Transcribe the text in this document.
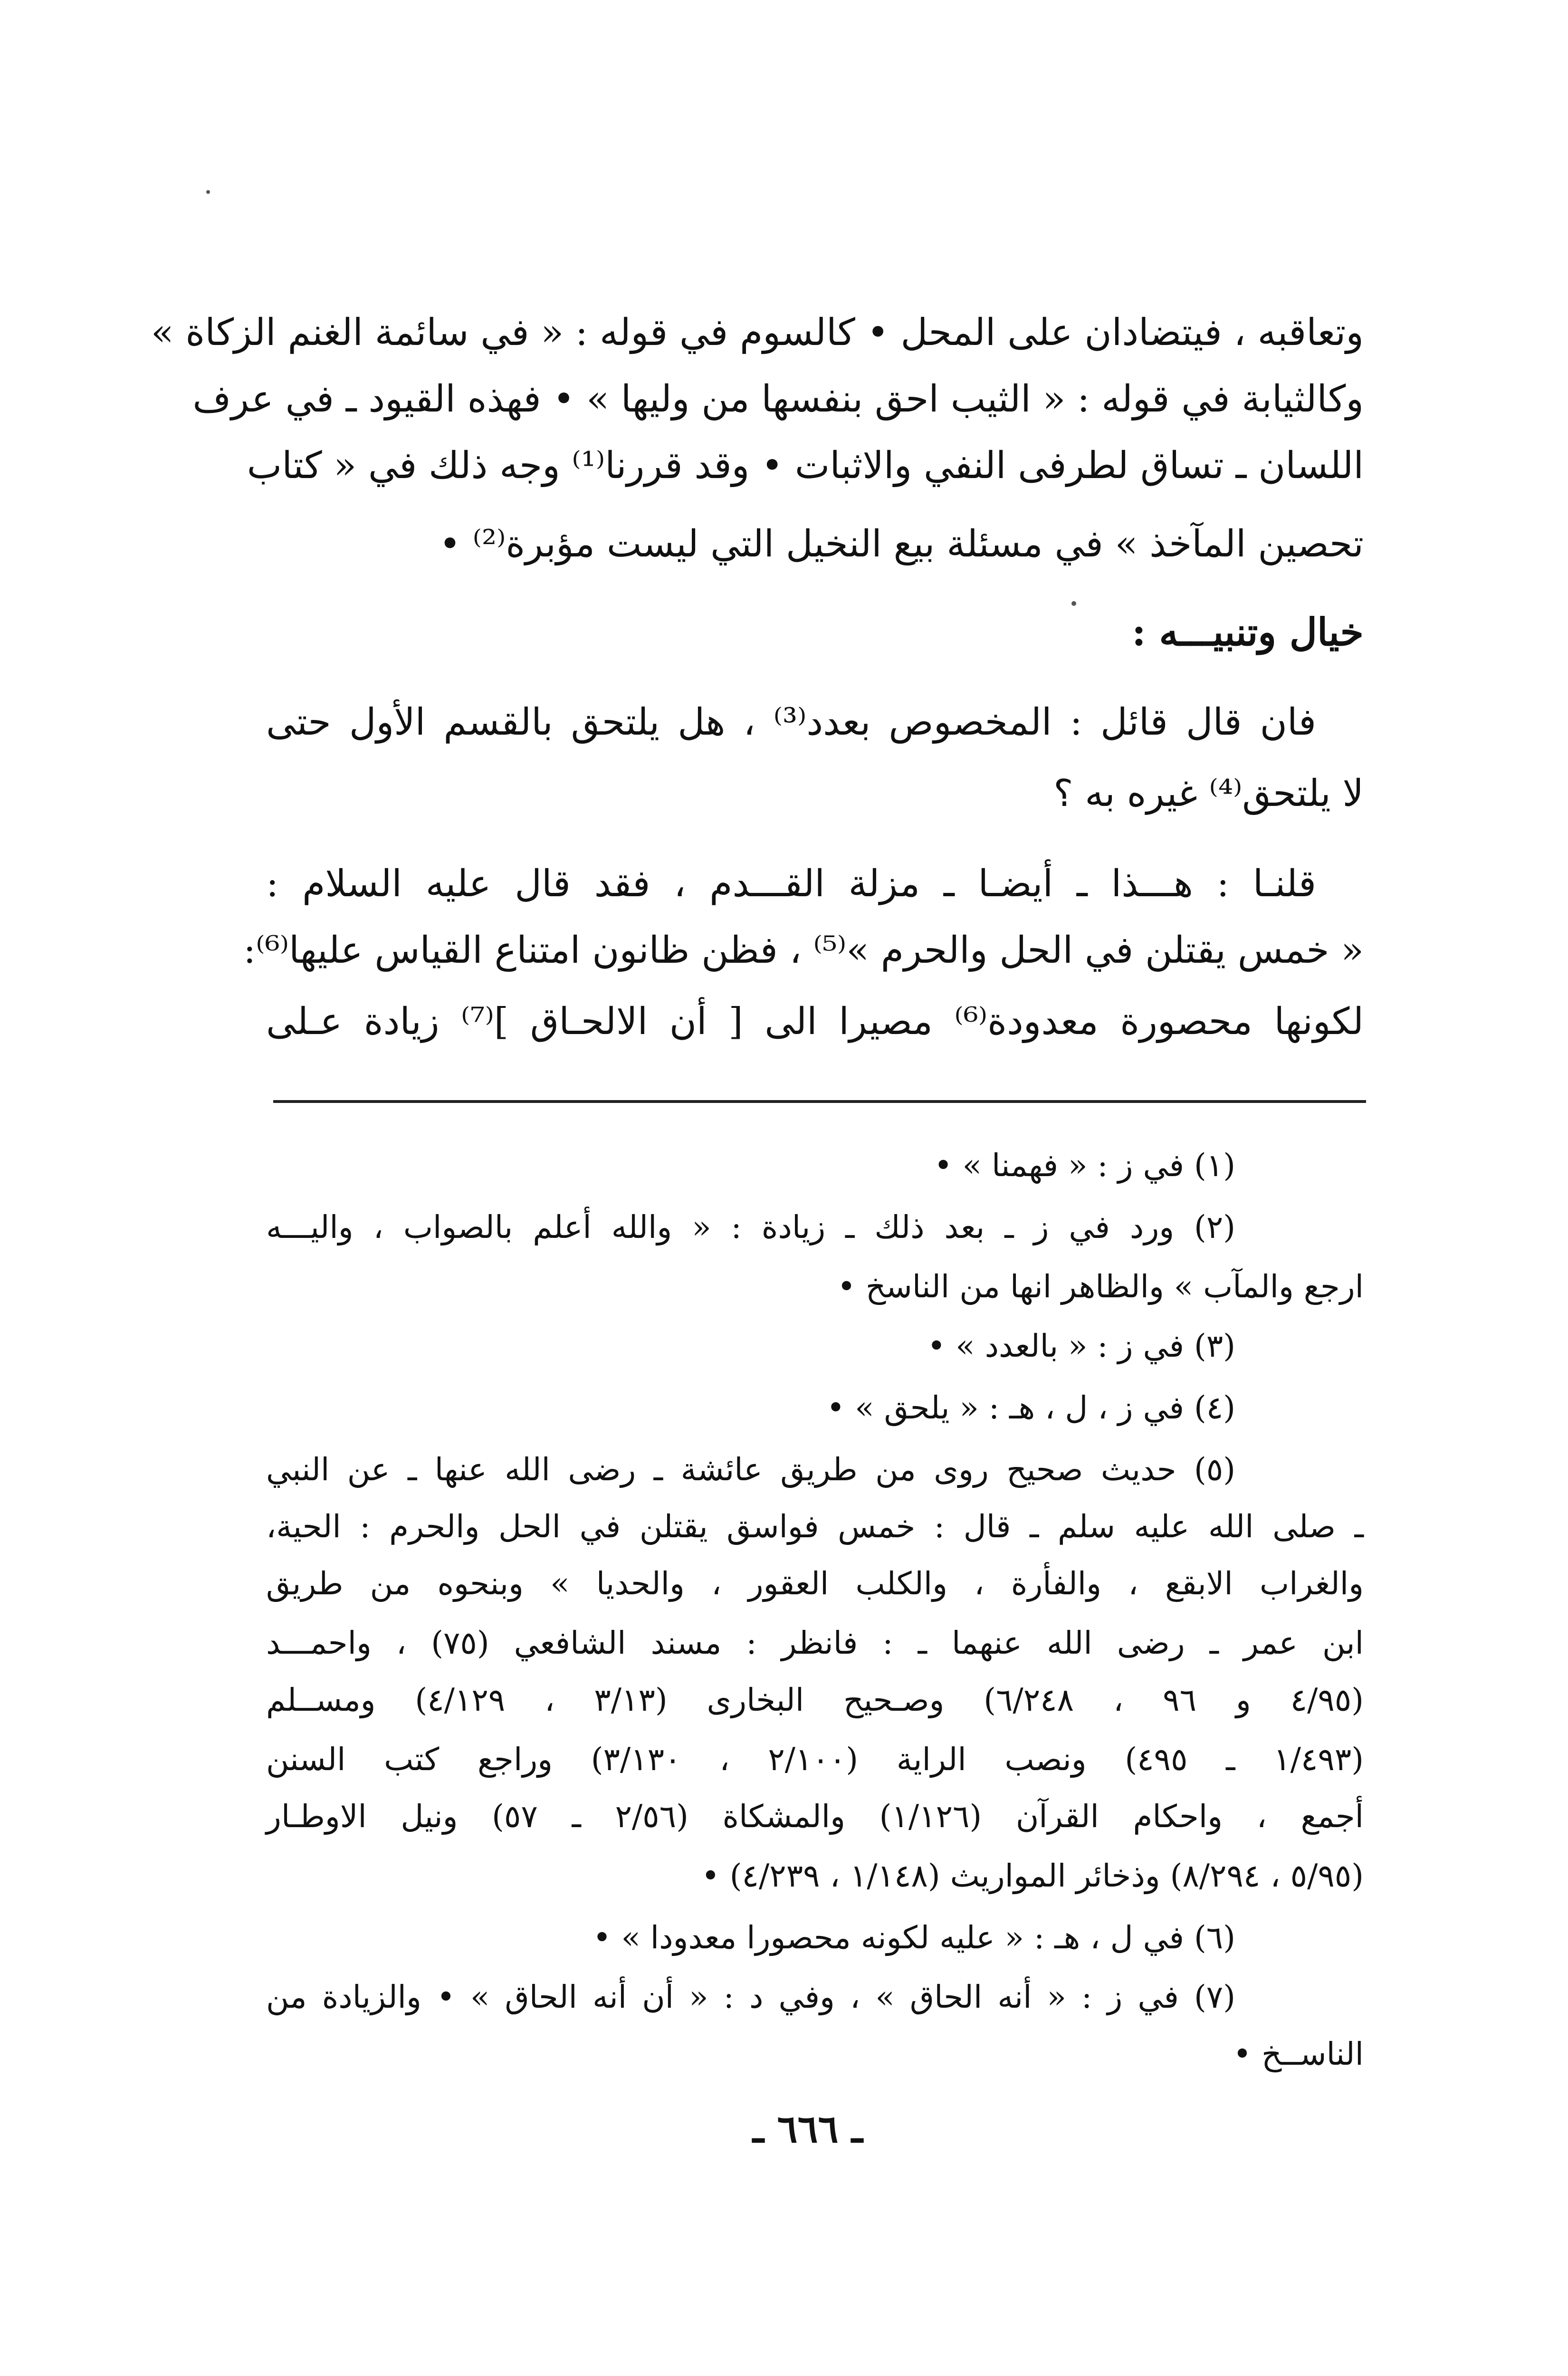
وتعاقبه ، فيتضادان على المحل • كالسوم في قوله : « في سائمة الغنم الزكاة »
وكالثيابة في قوله : « الثيب احق بنفسها من وليها » • فهذه القيود ـ في عرف
اللسان ـ تساق لطرفى النفي والاثبات • وقد قررنا⁽¹⁾ وجه ذلك في « كتاب
تحصين المآخذ » في مسئلة بيع النخيل التي ليست مؤبرة⁽²⁾ •
خيال وتنبيـــه :
فان قال قائل : المخصوص بعدد⁽³⁾ ، هل يلتحق بالقسم الأول حتى
لا يلتحق⁽⁴⁾ غيره به ؟
قلنـا : هـــذا ـ أيضـا ـ مزلة القـــدم ، فقد قال عليه السلام :
« خمس يقتلن في الحل والحرم »⁽⁵⁾ ، فظن ظانون امتناع القياس عليها⁽⁶⁾:
لكونها محصورة معدودة⁽⁶⁾ مصيرا الى [ أن الالحـاق ]⁽⁷⁾ زيادة عـلى
(١) في ز : « فهمنا » •
(٢) ورد في ز ـ بعد ذلك ـ زيادة : « والله أعلم بالصواب ، واليـــه
ارجع والمآب » والظاهر انها من الناسخ •
(٣) في ز : « بالعدد » •
(٤) في ز ، ل ، هـ : « يلحق » •
(٥) حديث صحيح روى من طريق عائشة ـ رضى الله عنها ـ عن النبي
ـ صلى الله عليه سلم ـ قال : خمس فواسق يقتلن في الحل والحرم : الحية،
والغراب الابقع ، والفأرة ، والكلب العقور ، والحديا » وبنحوه من طريق
ابن عمر ـ رضى الله عنهما ـ : فانظر : مسند الشافعي (٧٥) ، واحمـــد
(٤/٩٥ و ٩٦ ، ٦/٢٤٨) وصـحيح البخارى (٣/١٣ ، ٤/١٢٩) ومســلم
(١/٤٩٣ ـ ٤٩٥) ونصب الراية (٢/١٠٠ ، ٣/١٣٠) وراجع كتب السنن
أجمع ، واحكام القرآن (١/١٢٦) والمشكاة (٢/٥٦ ـ ٥٧) ونيل الاوطـار
(٥/٩٥ ، ٨/٢٩٤) وذخائر المواريث (١/١٤٨ ، ٤/٢٣٩) •
(٦) في ل ، هـ : « عليه لكونه محصورا معدودا » •
(٧) في ز : « أنه الحاق » ، وفي د : « أن أنه الحاق » • والزيادة من
الناســخ •
ـ ٦٦٦ ـ
